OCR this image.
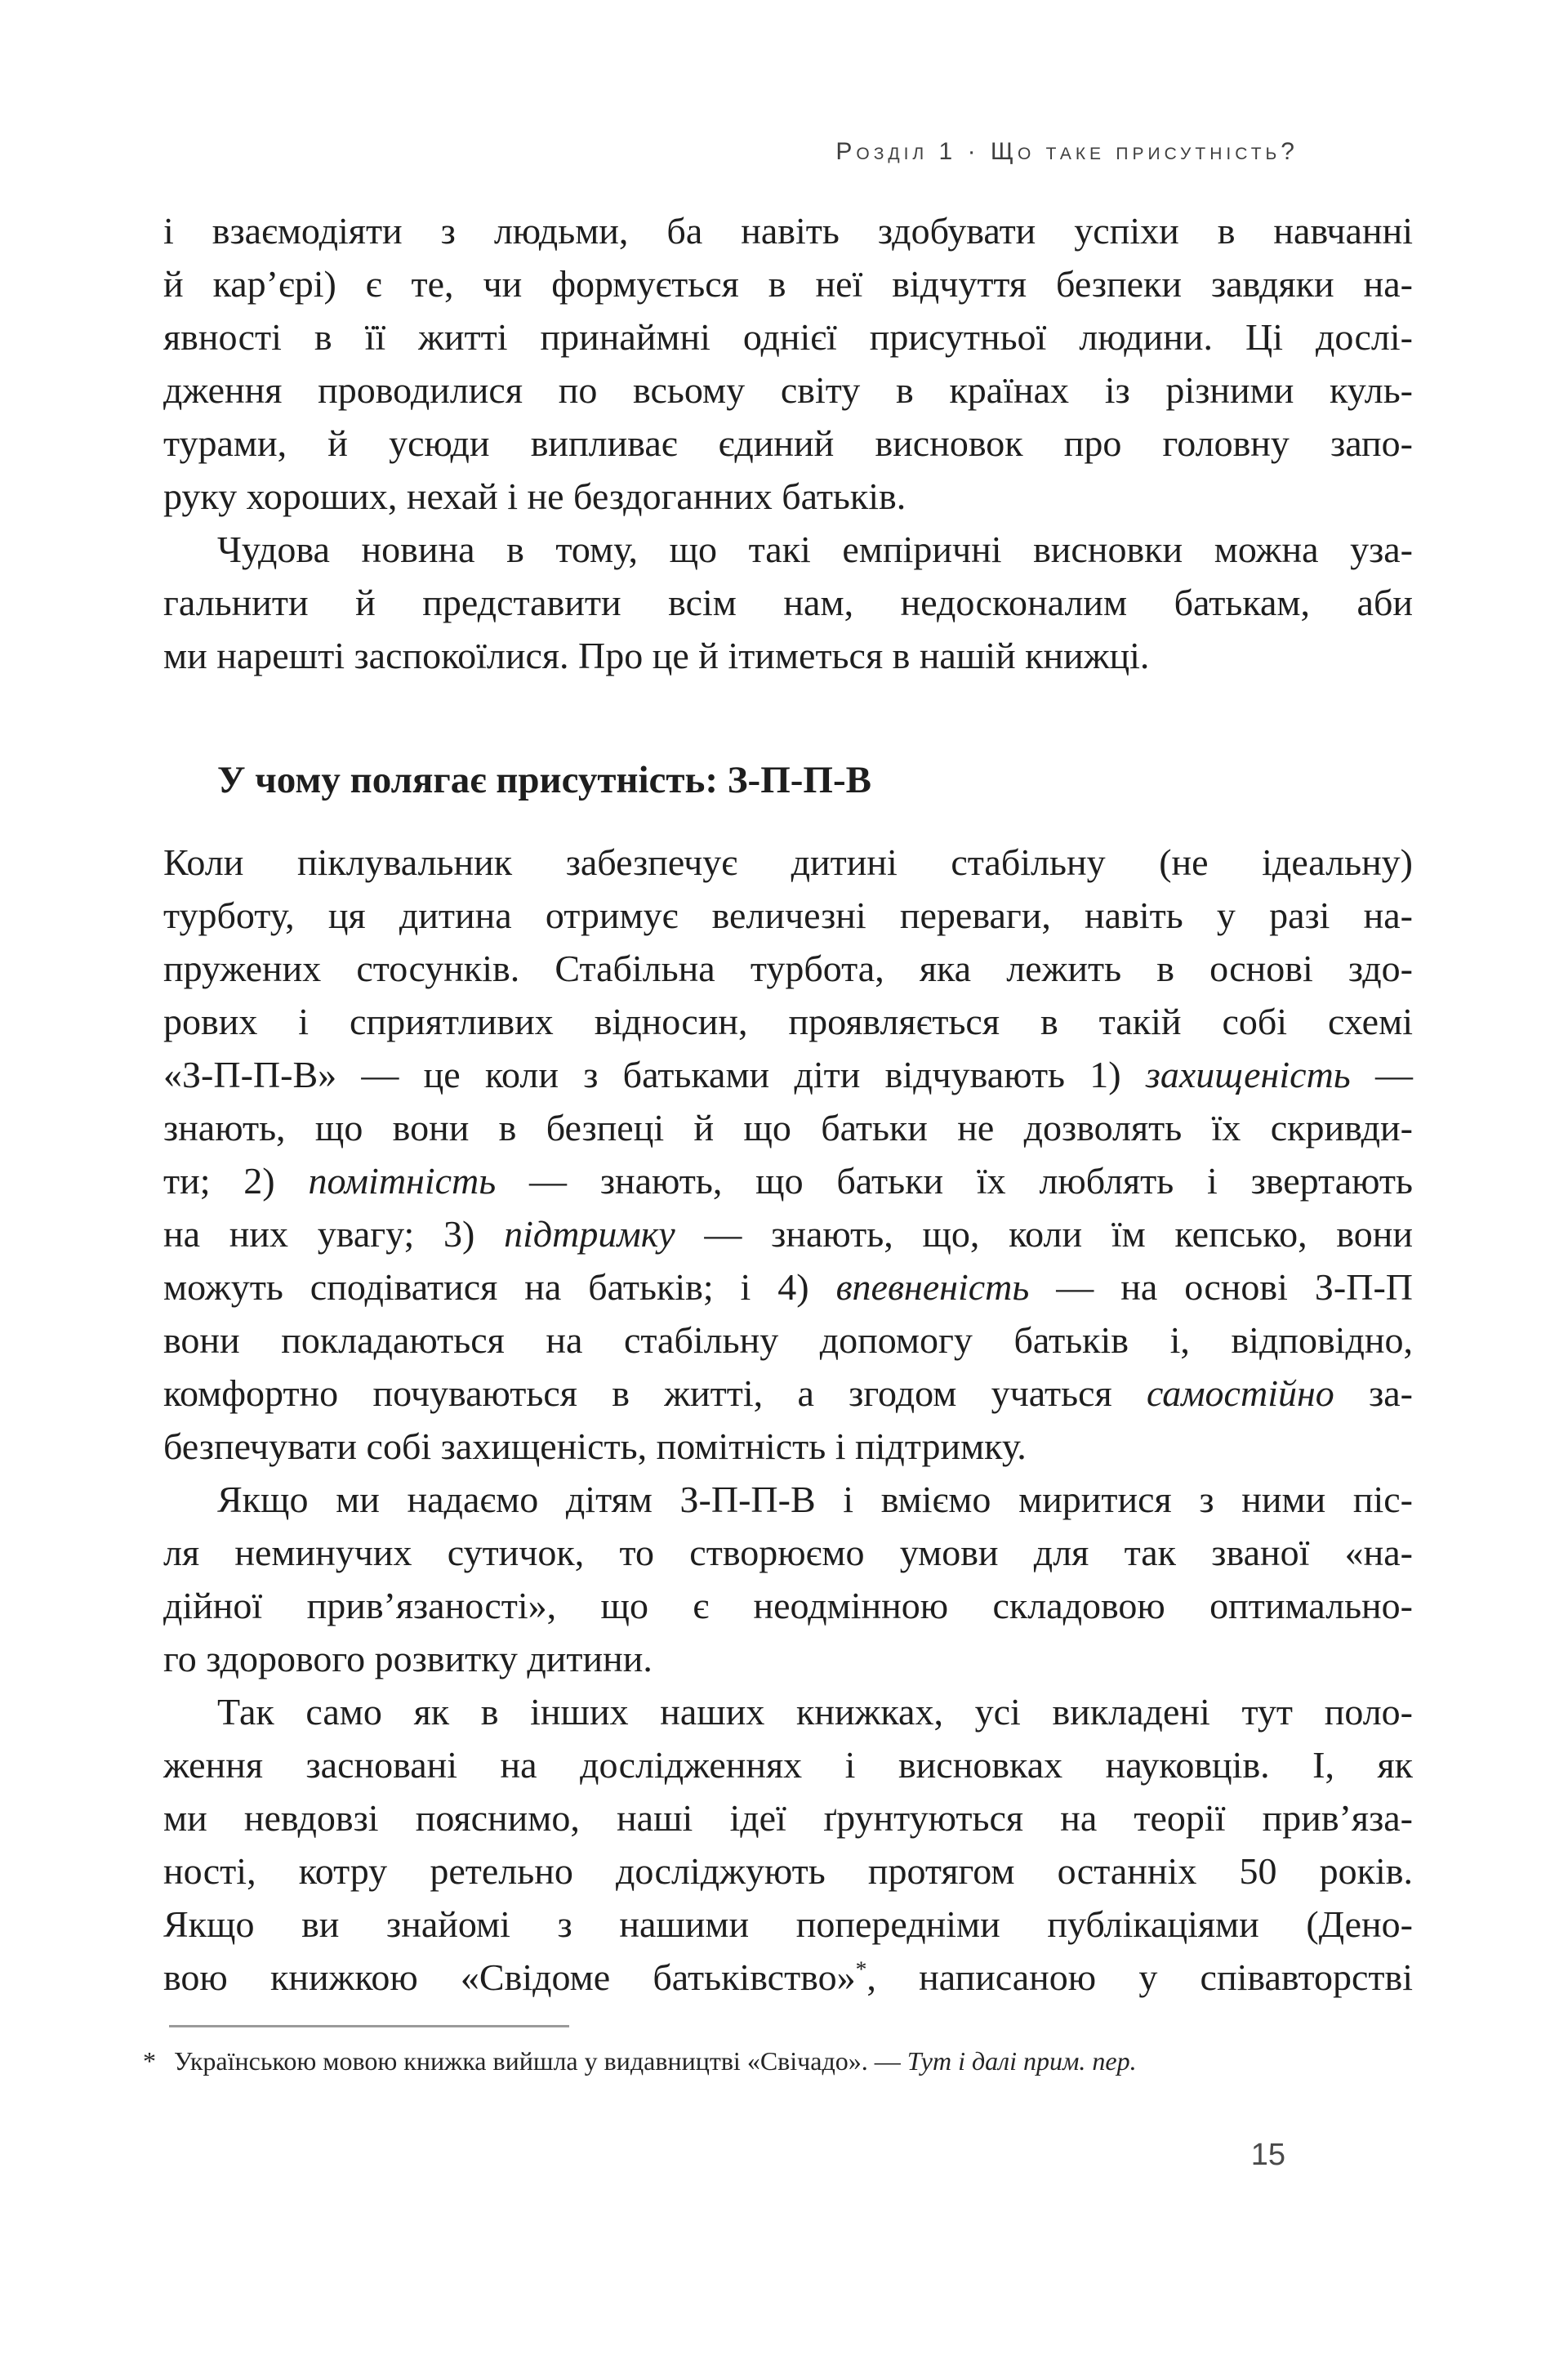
Розділ 1 · Що таке присутність?
і взаємодіяти з людьми, ба навіть здобувати успіхи в навчанні
й кар’єрі) є те, чи формується в неї відчуття безпеки завдяки на-
явності в її житті принаймні однієї присутньої людини. Ці дослі-
дження проводилися по всьому світу в країнах із різними куль-
турами, й усюди випливає єдиний висновок про головну запо-
руку хороших, нехай і не бездоганних батьків.
Чудова новина в тому, що такі емпіричні висновки можна уза-
гальнити й представити всім нам, недосконалим батькам, аби
ми нарешті заспокоїлися. Про це й ітиметься в нашій книжці.
У чому полягає присутність: З-П-П-В
Коли піклувальник забезпечує дитині стабільну (не ідеальну)
турботу, ця дитина отримує величезні переваги, навіть у разі на-
пружених стосунків. Стабільна турбота, яка лежить в основі здо-
рових і сприятливих відносин, проявляється в такій собі схемі
«З-П-П-В» — це коли з батьками діти відчувають 1) захищеність —
знають, що вони в безпеці й що батьки не дозволять їх скривди-
ти; 2) помітність — знають, що батьки їх люблять і звертають
на них увагу; 3) підтримку — знають, що, коли їм кепсько, вони
можуть сподіватися на батьків; і 4) впевненість — на основі З-П-П
вони покладаються на стабільну допомогу батьків і, відповідно,
комфортно почуваються в житті, а згодом учаться самостійно за-
безпечувати собі захищеність, помітність і підтримку.
Якщо ми надаємо дітям З-П-П-В і вміємо миритися з ними піс-
ля неминучих сутичок, то створюємо умови для так званої «на-
дійної прив’язаності», що є неодмінною складовою оптимально-
го здорового розвитку дитини.
Так само як в інших наших книжках, усі викладені тут поло-
ження засновані на дослідженнях і висновках науковців. І, як
ми невдовзі пояснимо, наші ідеї ґрунтуються на теорії прив’яза-
ності, котру ретельно досліджують протягом останніх 50 років.
Якщо ви знайомі з нашими попередніми публікаціями (Дено-
вою книжкою «Свідоме батьківство»*, написаною у співавторстві
* Українською мовою книжка вийшла у видавництві «Свічадо». — Тут і далі прим. пер.
15
